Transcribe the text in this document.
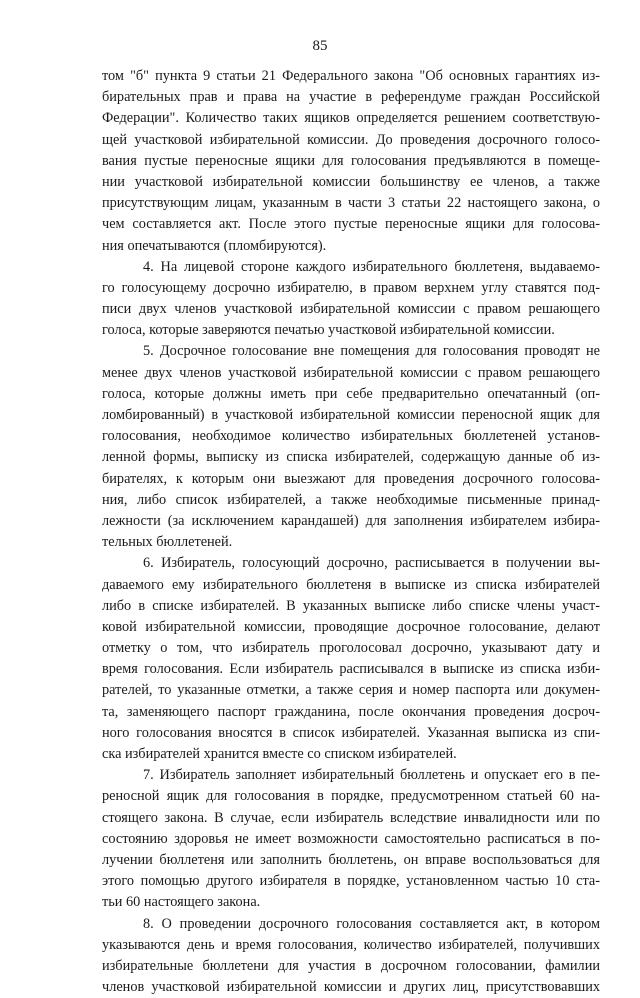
85
том "б" пункта 9 статьи 21 Федерального закона "Об основных гарантиях из-
бирательных прав и права на участие в референдуме граждан Российской
Федерации". Количество таких ящиков определяется решением соответствую-
щей участковой избирательной комиссии. До проведения досрочного голосо-
вания пустые переносные ящики для голосования предъявляются в помеще-
нии участковой избирательной комиссии большинству ее членов, а также
присутствующим лицам, указанным в части 3 статьи 22 настоящего закона, о
чем составляется акт. После этого пустые переносные ящики для голосова-
ния опечатываются (пломбируются).
4. На лицевой стороне каждого избирательного бюллетеня, выдаваемо-
го голосующему досрочно избирателю, в правом верхнем углу ставятся под-
писи двух членов участковой избирательной комиссии с правом решающего
голоса, которые заверяются печатью участковой избирательной комиссии.
5. Досрочное голосование вне помещения для голосования проводят не
менее двух членов участковой избирательной комиссии с правом решающего
голоса, которые должны иметь при себе предварительно опечатанный (оп-
ломбированный) в участковой избирательной комиссии переносной ящик для
голосования, необходимое количество избирательных бюллетеней установ-
ленной формы, выписку из списка избирателей, содержащую данные об из-
бирателях, к которым они выезжают для проведения досрочного голосова-
ния, либо список избирателей, а также необходимые письменные принад-
лежности (за исключением карандашей) для заполнения избирателем избира-
тельных бюллетеней.
6. Избиратель, голосующий досрочно, расписывается в получении вы-
даваемого ему избирательного бюллетеня в выписке из списка избирателей
либо в списке избирателей. В указанных выписке либо списке члены участ-
ковой избирательной комиссии, проводящие досрочное голосование, делают
отметку о том, что избиратель проголосовал досрочно, указывают дату и
время голосования. Если избиратель расписывался в выписке из списка изби-
рателей, то указанные отметки, а также серия и номер паспорта или докумен-
та, заменяющего паспорт гражданина, после окончания проведения досроч-
ного голосования вносятся в список избирателей. Указанная выписка из спи-
ска избирателей хранится вместе со списком избирателей.
7. Избиратель заполняет избирательный бюллетень и опускает его в пе-
реносной ящик для голосования в порядке, предусмотренном статьей 60 на-
стоящего закона. В случае, если избиратель вследствие инвалидности или по
состоянию здоровья не имеет возможности самостоятельно расписаться в по-
лучении бюллетеня или заполнить бюллетень, он вправе воспользоваться для
этого помощью другого избирателя в порядке, установленном частью 10 ста-
тьи 60 настоящего закона.
8. О проведении досрочного голосования составляется акт, в котором
указываются день и время голосования, количество избирателей, получивших
избирательные бюллетени для участия в досрочном голосовании, фамилии
членов участковой избирательной комиссии и других лиц, присутствовавших
